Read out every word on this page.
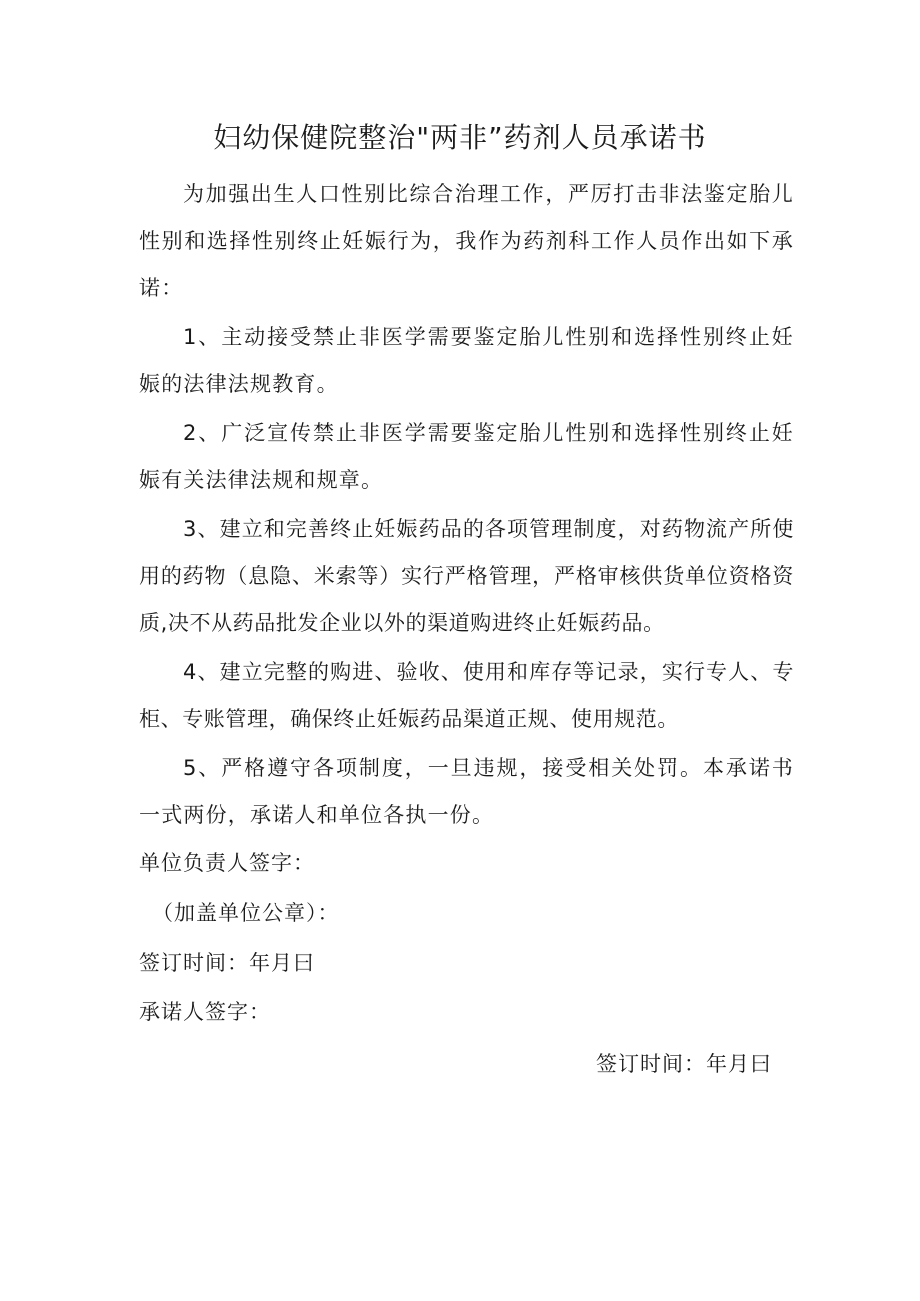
妇幼保健院整治"两非”药剂人员承诺书

为加强出生人口性别比综合治理工作，严厉打击非法鉴定胎儿性别和选择性别终止妊娠行为，我作为药剂科工作人员作出如下承诺：

1、主动接受禁止非医学需要鉴定胎儿性别和选择性别终止妊娠的法律法规教育。

2、广泛宣传禁止非医学需要鉴定胎儿性别和选择性别终止妊娠有关法律法规和规章。

3、建立和完善终止妊娠药品的各项管理制度，对药物流产所使用的药物（息隐、米索等）实行严格管理，严格审核供货单位资格资质,决不从药品批发企业以外的渠道购进终止妊娠药品。

4、建立完整的购进、验收、使用和库存等记录，实行专人、专柜、专账管理，确保终止妊娠药品渠道正规、使用规范。

5、严格遵守各项制度，一旦违规，接受相关处罚。本承诺书一式两份，承诺人和单位各执一份。

单位负责人签字：
（加盖单位公章）：
签订时间：年月曰
承诺人签字：
签订时间：年月曰
